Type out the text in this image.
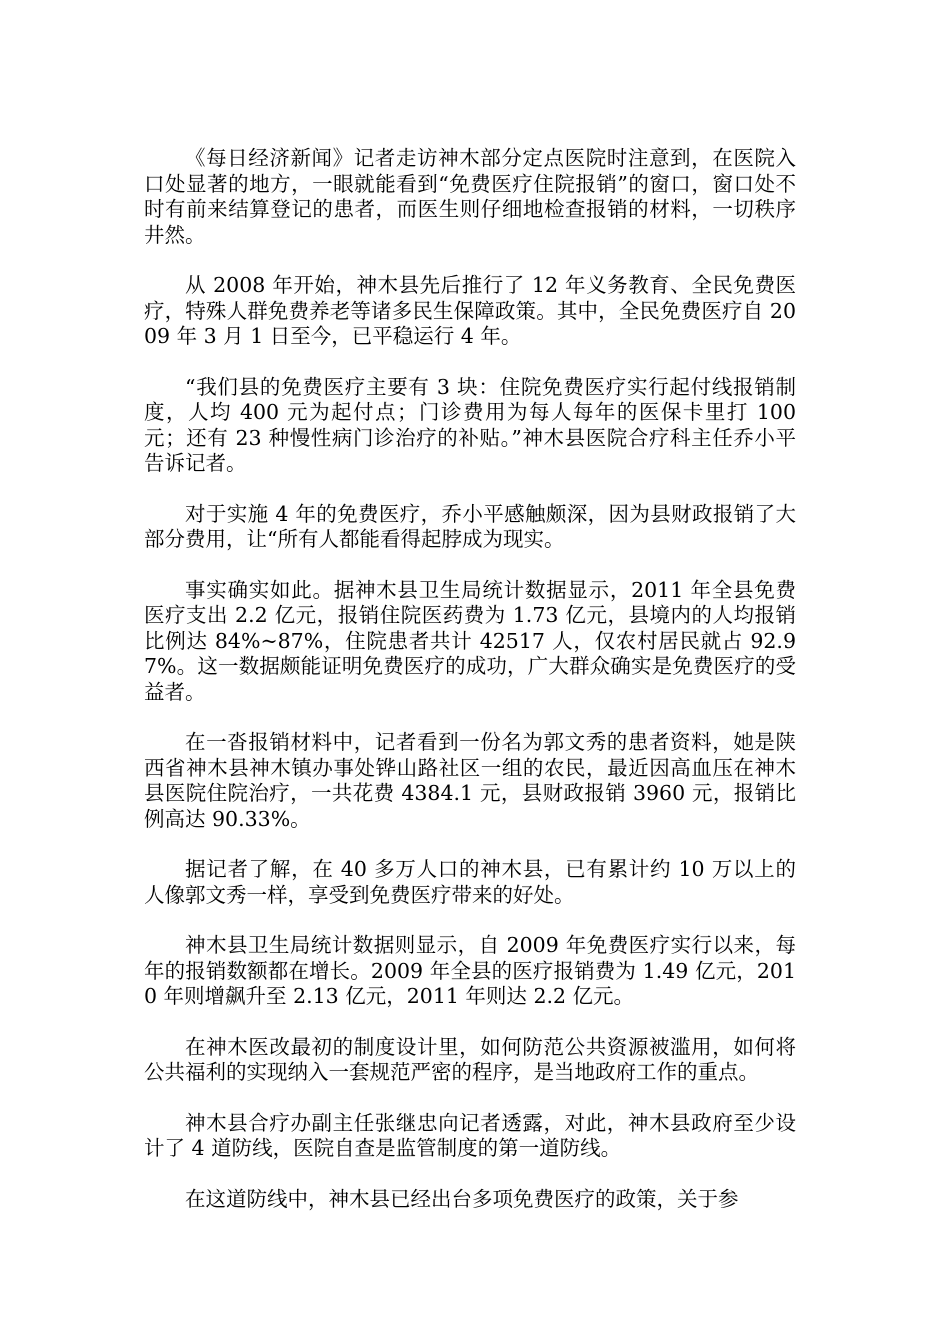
《每日经济新闻》记者走访神木部分定点医院时注意到，在医院入口处显著的地方，一眼就能看到“免费医疗住院报销”的窗口，窗口处不时有前来结算登记的患者，而医生则仔细地检查报销的材料，一切秩序井然。

从 2008 年开始，神木县先后推行了 12 年义务教育、全民免费医疗，特殊人群免费养老等诸多民生保障政策。其中，全民免费医疗自 2009 年 3 月 1 日至今，已平稳运行 4 年。

“我们县的免费医疗主要有 3 块：住院免费医疗实行起付线报销制度，人均 400 元为起付点；门诊费用为每人每年的医保卡里打 100 元；还有 23 种慢性病门诊治疗的补贴。”神木县医院合疗科主任乔小平告诉记者。

对于实施 4 年的免费医疗，乔小平感触颇深，因为县财政报销了大部分费用，让“所有人都能看得起脖成为现实。

事实确实如此。据神木县卫生局统计数据显示，2011 年全县免费医疗支出 2.2 亿元，报销住院医药费为 1.73 亿元，县境内的人均报销比例达 84%~87%，住院患者共计 42517 人，仅农村居民就占 92.97%。这一数据颇能证明免费医疗的成功，广大群众确实是免费医疗的受益者。

在一沓报销材料中，记者看到一份名为郭文秀的患者资料，她是陕西省神木县神木镇办事处铧山路社区一组的农民，最近因高血压在神木县医院住院治疗，一共花费 4384.1 元，县财政报销 3960 元，报销比例高达 90.33%。

据记者了解，在 40 多万人口的神木县，已有累计约 10 万以上的人像郭文秀一样，享受到免费医疗带来的好处。

神木县卫生局统计数据则显示，自 2009 年免费医疗实行以来，每年的报销数额都在增长。2009 年全县的医疗报销费为 1.49 亿元，2010 年则增飙升至 2.13 亿元，2011 年则达 2.2 亿元。

在神木医改最初的制度设计里，如何防范公共资源被滥用，如何将公共福利的实现纳入一套规范严密的程序，是当地政府工作的重点。

神木县合疗办副主任张继忠向记者透露，对此，神木县政府至少设计了 4 道防线，医院自查是监管制度的第一道防线。

在这道防线中，神木县已经出台多项免费医疗的政策，关于参
